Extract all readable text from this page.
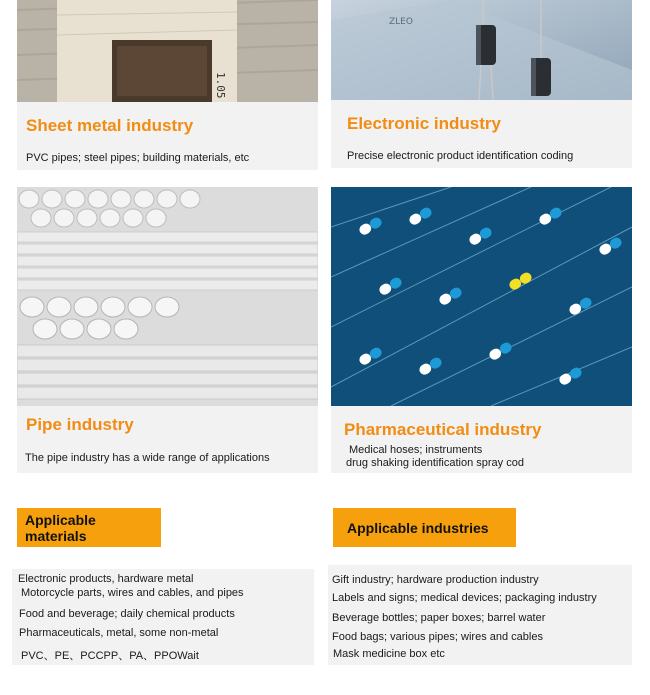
1.05
Sheet metal industry
PVC pipes; steel pipes; building materials, etc
ZLEO
Electronic industry
Precise electronic product identification coding
Pipe industry
The pipe industry has a wide range of applications
Pharmaceutical industry
Medical hoses; instruments
drug shaking identification spray cod
Applicable materials
Electronic products, hardware metal
Motorcycle parts, wires and cables, and pipes
Food and beverage; daily chemical products
Pharmaceuticals, metal, some non-metal
PVC、PE、PCCPP、PA、PPOWait
Applicable industries
Gift industry; hardware production industry
Labels and signs; medical devices; packaging industry
Beverage bottles; paper boxes; barrel water
Food bags; various pipes; wires and cables
Mask medicine box etc
